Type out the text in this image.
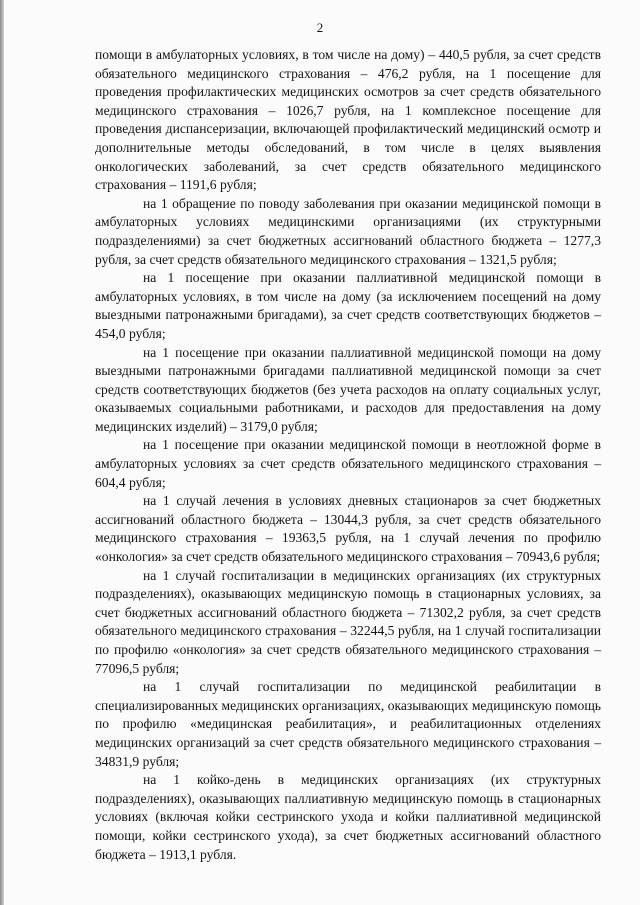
2

помощи в амбулаторных условиях, в том числе на дому) – 440,5 рубля, за счет средств обязательного медицинского страхования – 476,2 рубля, на 1 посещение для проведения профилактических медицинских осмотров за счет средств обязательного медицинского страхования – 1026,7 рубля, на 1 комплексное посещение для проведения диспансеризации, включающей профилактический медицинский осмотр и дополнительные методы обследований, в том числе в целях выявления онкологических заболеваний, за счет средств обязательного медицинского страхования – 1191,6 рубля;

на 1 обращение по поводу заболевания при оказании медицинской помощи в амбулаторных условиях медицинскими организациями (их структурными подразделениями) за счет бюджетных ассигнований областного бюджета – 1277,3 рубля, за счет средств обязательного медицинского страхования – 1321,5 рубля;

на 1 посещение при оказании паллиативной медицинской помощи в амбулаторных условиях, в том числе на дому (за исключением посещений на дому выездными патронажными бригадами), за счет средств соответствующих бюджетов – 454,0 рубля;

на 1 посещение при оказании паллиативной медицинской помощи на дому выездными патронажными бригадами паллиативной медицинской помощи за счет средств соответствующих бюджетов (без учета расходов на оплату социальных услуг, оказываемых социальными работниками, и расходов для предоставления на дому медицинских изделий) – 3179,0 рубля;

на 1 посещение при оказании медицинской помощи в неотложной форме в амбулаторных условиях за счет средств обязательного медицинского страхования – 604,4 рубля;

на 1 случай лечения в условиях дневных стационаров за счет бюджетных ассигнований областного бюджета – 13044,3 рубля, за счет средств обязательного медицинского страхования – 19363,5 рубля, на 1 случай лечения по профилю «онкология» за счет средств обязательного медицинского страхования – 70943,6 рубля;

на 1 случай госпитализации в медицинских организациях (их структурных подразделениях), оказывающих медицинскую помощь в стационарных условиях, за счет бюджетных ассигнований областного бюджета – 71302,2 рубля, за счет средств обязательного медицинского страхования – 32244,5 рубля, на 1 случай госпитализации по профилю «онкология» за счет средств обязательного медицинского страхования – 77096,5 рубля;

на 1 случай госпитализации по медицинской реабилитации в специализированных медицинских организациях, оказывающих медицинскую помощь по профилю «медицинская реабилитация», и реабилитационных отделениях медицинских организаций за счет средств обязательного медицинского страхования – 34831,9 рубля;

на 1 койко-день в медицинских организациях (их структурных подразделениях), оказывающих паллиативную медицинскую помощь в стационарных условиях (включая койки сестринского ухода и койки паллиативной медицинской помощи, койки сестринского ухода), за счет бюджетных ассигнований областного бюджета – 1913,1 рубля.
